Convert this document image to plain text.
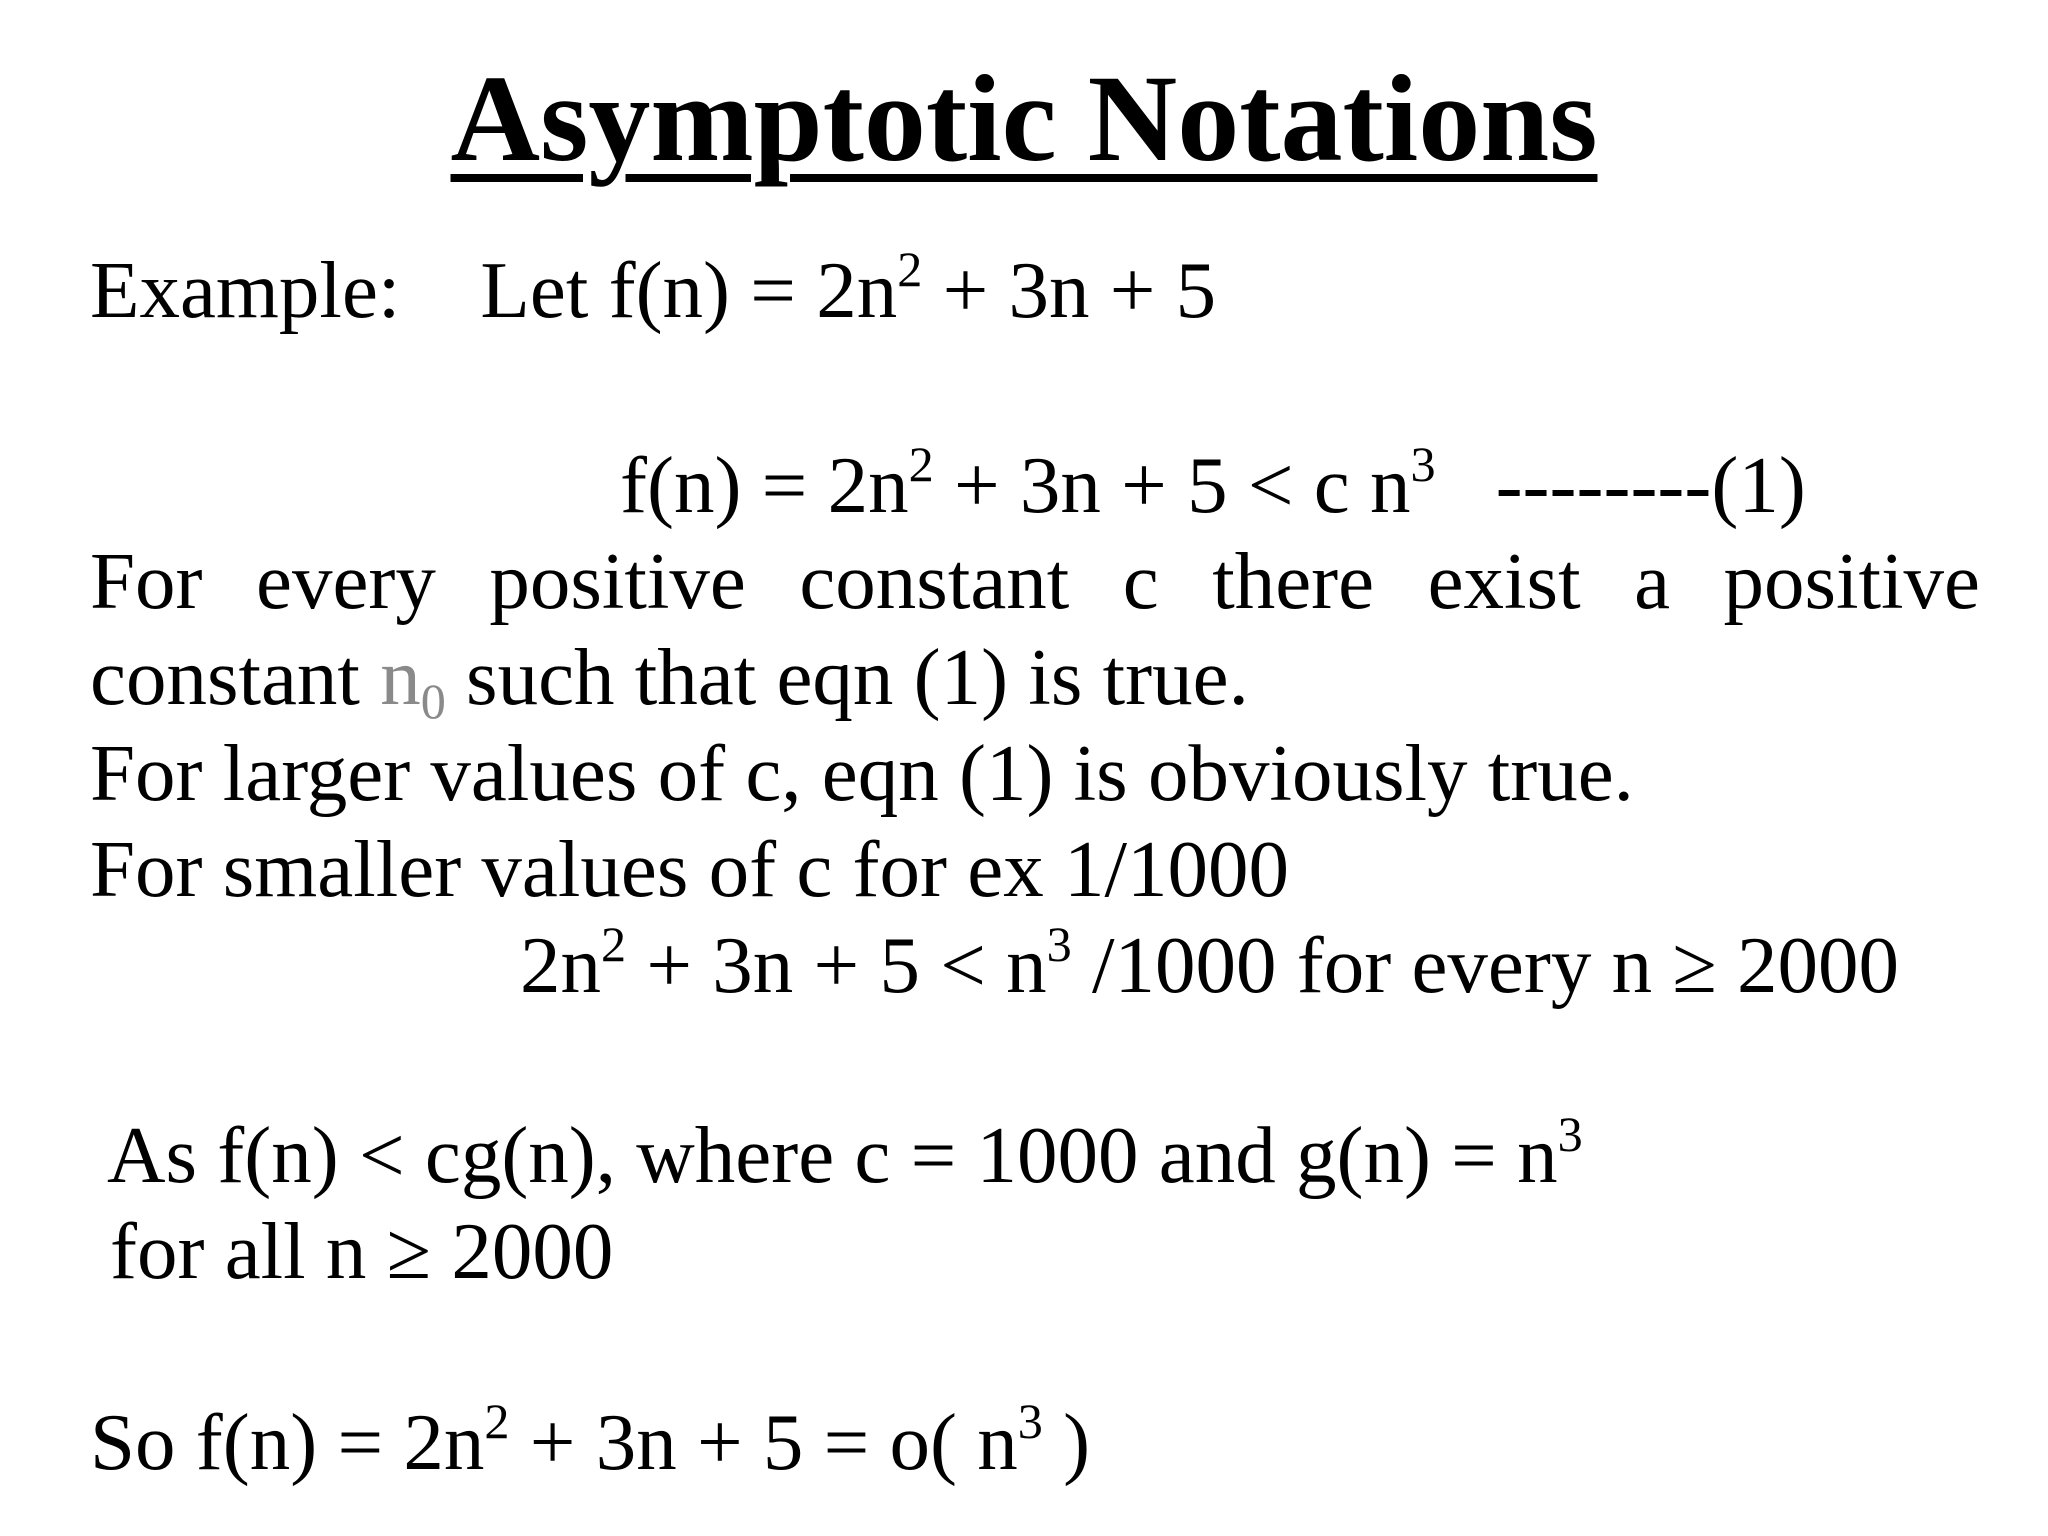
Asymptotic Notations

Example: Let $f(n) = 2n^2 + 3n + 5$

$f(n) = 2n^2 + 3n + 5 < c$ $n^3$ --------(1)

For every positive constant c there exist a positive

constant $n_0$ such that eqn (1) is true.

For larger values of c, eqn (1) is obviously true.

For smaller values of c for ex 1/1000

$2n^2 + 3n + 5 < n^3$ /1000 for every n ≥ 2000

As f(n) < cg(n), where c = 1000 and $g(n) = n^3$

for all n ≥ 2000

So $f(n) = 2n^2 + 3n + 5 = o$( $n^3$ )
